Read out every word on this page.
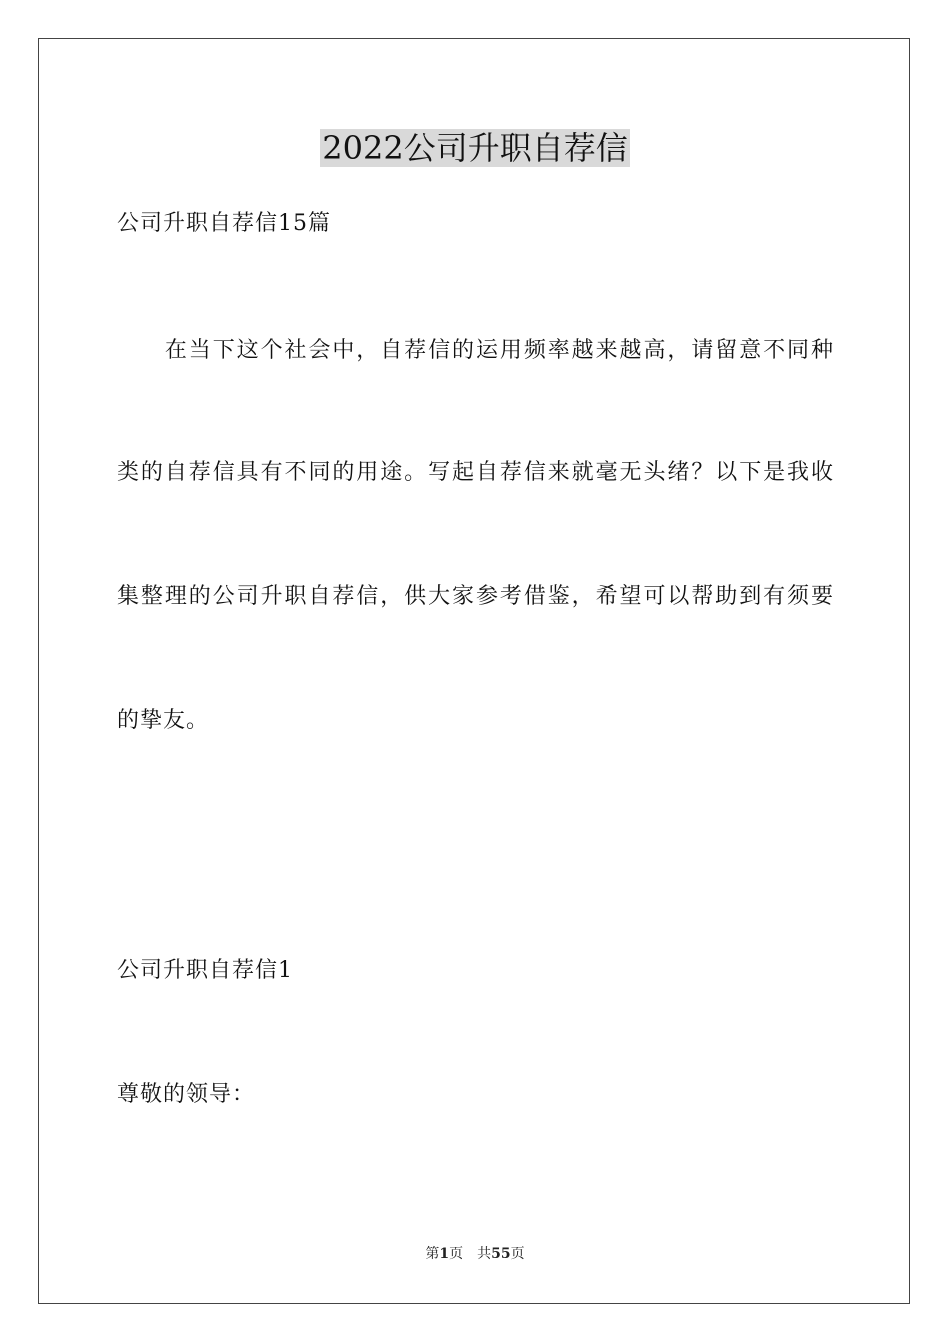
2022公司升职自荐信
公司升职自荐信15篇
　　在当下这个社会中，自荐信的运用频率越来越高，请留意不同种
类的自荐信具有不同的用途。写起自荐信来就毫无头绪？以下是我收
集整理的公司升职自荐信，供大家参考借鉴，希望可以帮助到有须要
的挚友。
公司升职自荐信1
尊敬的领导：
第1页　共55页
